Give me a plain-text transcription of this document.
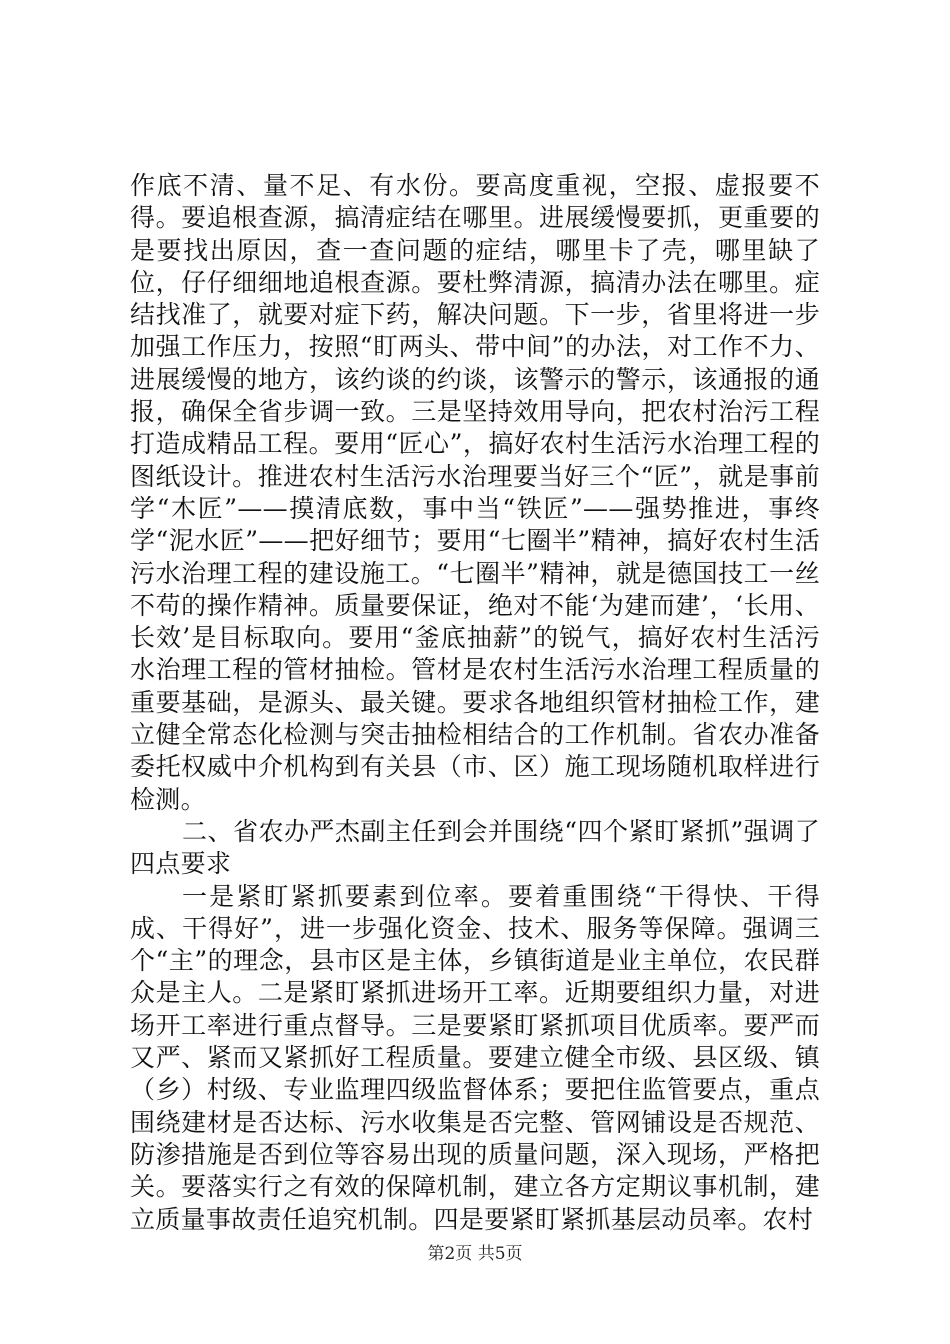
作底不清、量不足、有水份。要高度重视，空报、虚报要不得。要追根查源，搞清症结在哪里。进展缓慢要抓，更重要的是要找出原因，查一查问题的症结，哪里卡了壳，哪里缺了位，仔仔细细地追根查源。要杜弊清源，搞清办法在哪里。症结找准了，就要对症下药，解决问题。下一步，省里将进一步加强工作压力，按照“盯两头、带中间”的办法，对工作不力、进展缓慢的地方，该约谈的约谈，该警示的警示，该通报的通报，确保全省步调一致。三是坚持效用导向，把农村治污工程打造成精品工程。要用“匠心”，搞好农村生活污水治理工程的图纸设计。推进农村生活污水治理要当好三个“匠”，就是事前学“木匠”——摸清底数，事中当“铁匠”——强势推进，事终学“泥水匠”——把好细节；要用“七圈半”精神，搞好农村生活污水治理工程的建设施工。“七圈半”精神，就是德国技工一丝不苟的操作精神。质量要保证，绝对不能‘为建而建’，‘长用、长效’是目标取向。要用“釜底抽薪”的锐气，搞好农村生活污水治理工程的管材抽检。管材是农村生活污水治理工程质量的重要基础，是源头、最关键。要求各地组织管材抽检工作，建立健全常态化检测与突击抽检相结合的工作机制。省农办准备委托权威中介机构到有关县（市、区）施工现场随机取样进行检测。

二、省农办严杰副主任到会并围绕“四个紧盯紧抓”强调了四点要求

一是紧盯紧抓要素到位率。要着重围绕“干得快、干得成、干得好”，进一步强化资金、技术、服务等保障。强调三个“主”的理念，县市区是主体，乡镇街道是业主单位，农民群众是主人。二是紧盯紧抓进场开工率。近期要组织力量，对进场开工率进行重点督导。三是要紧盯紧抓项目优质率。要严而又严、紧而又紧抓好工程质量。要建立健全市级、县区级、镇（乡）村级、专业监理四级监督体系；要把住监管要点，重点围绕建材是否达标、污水收集是否完整、管网铺设是否规范、防渗措施是否到位等容易出现的质量问题，深入现场，严格把关。要落实行之有效的保障机制，建立各方定期议事机制，建立质量事故责任追究机制。四是要紧盯紧抓基层动员率。农村

第2页 共5页
